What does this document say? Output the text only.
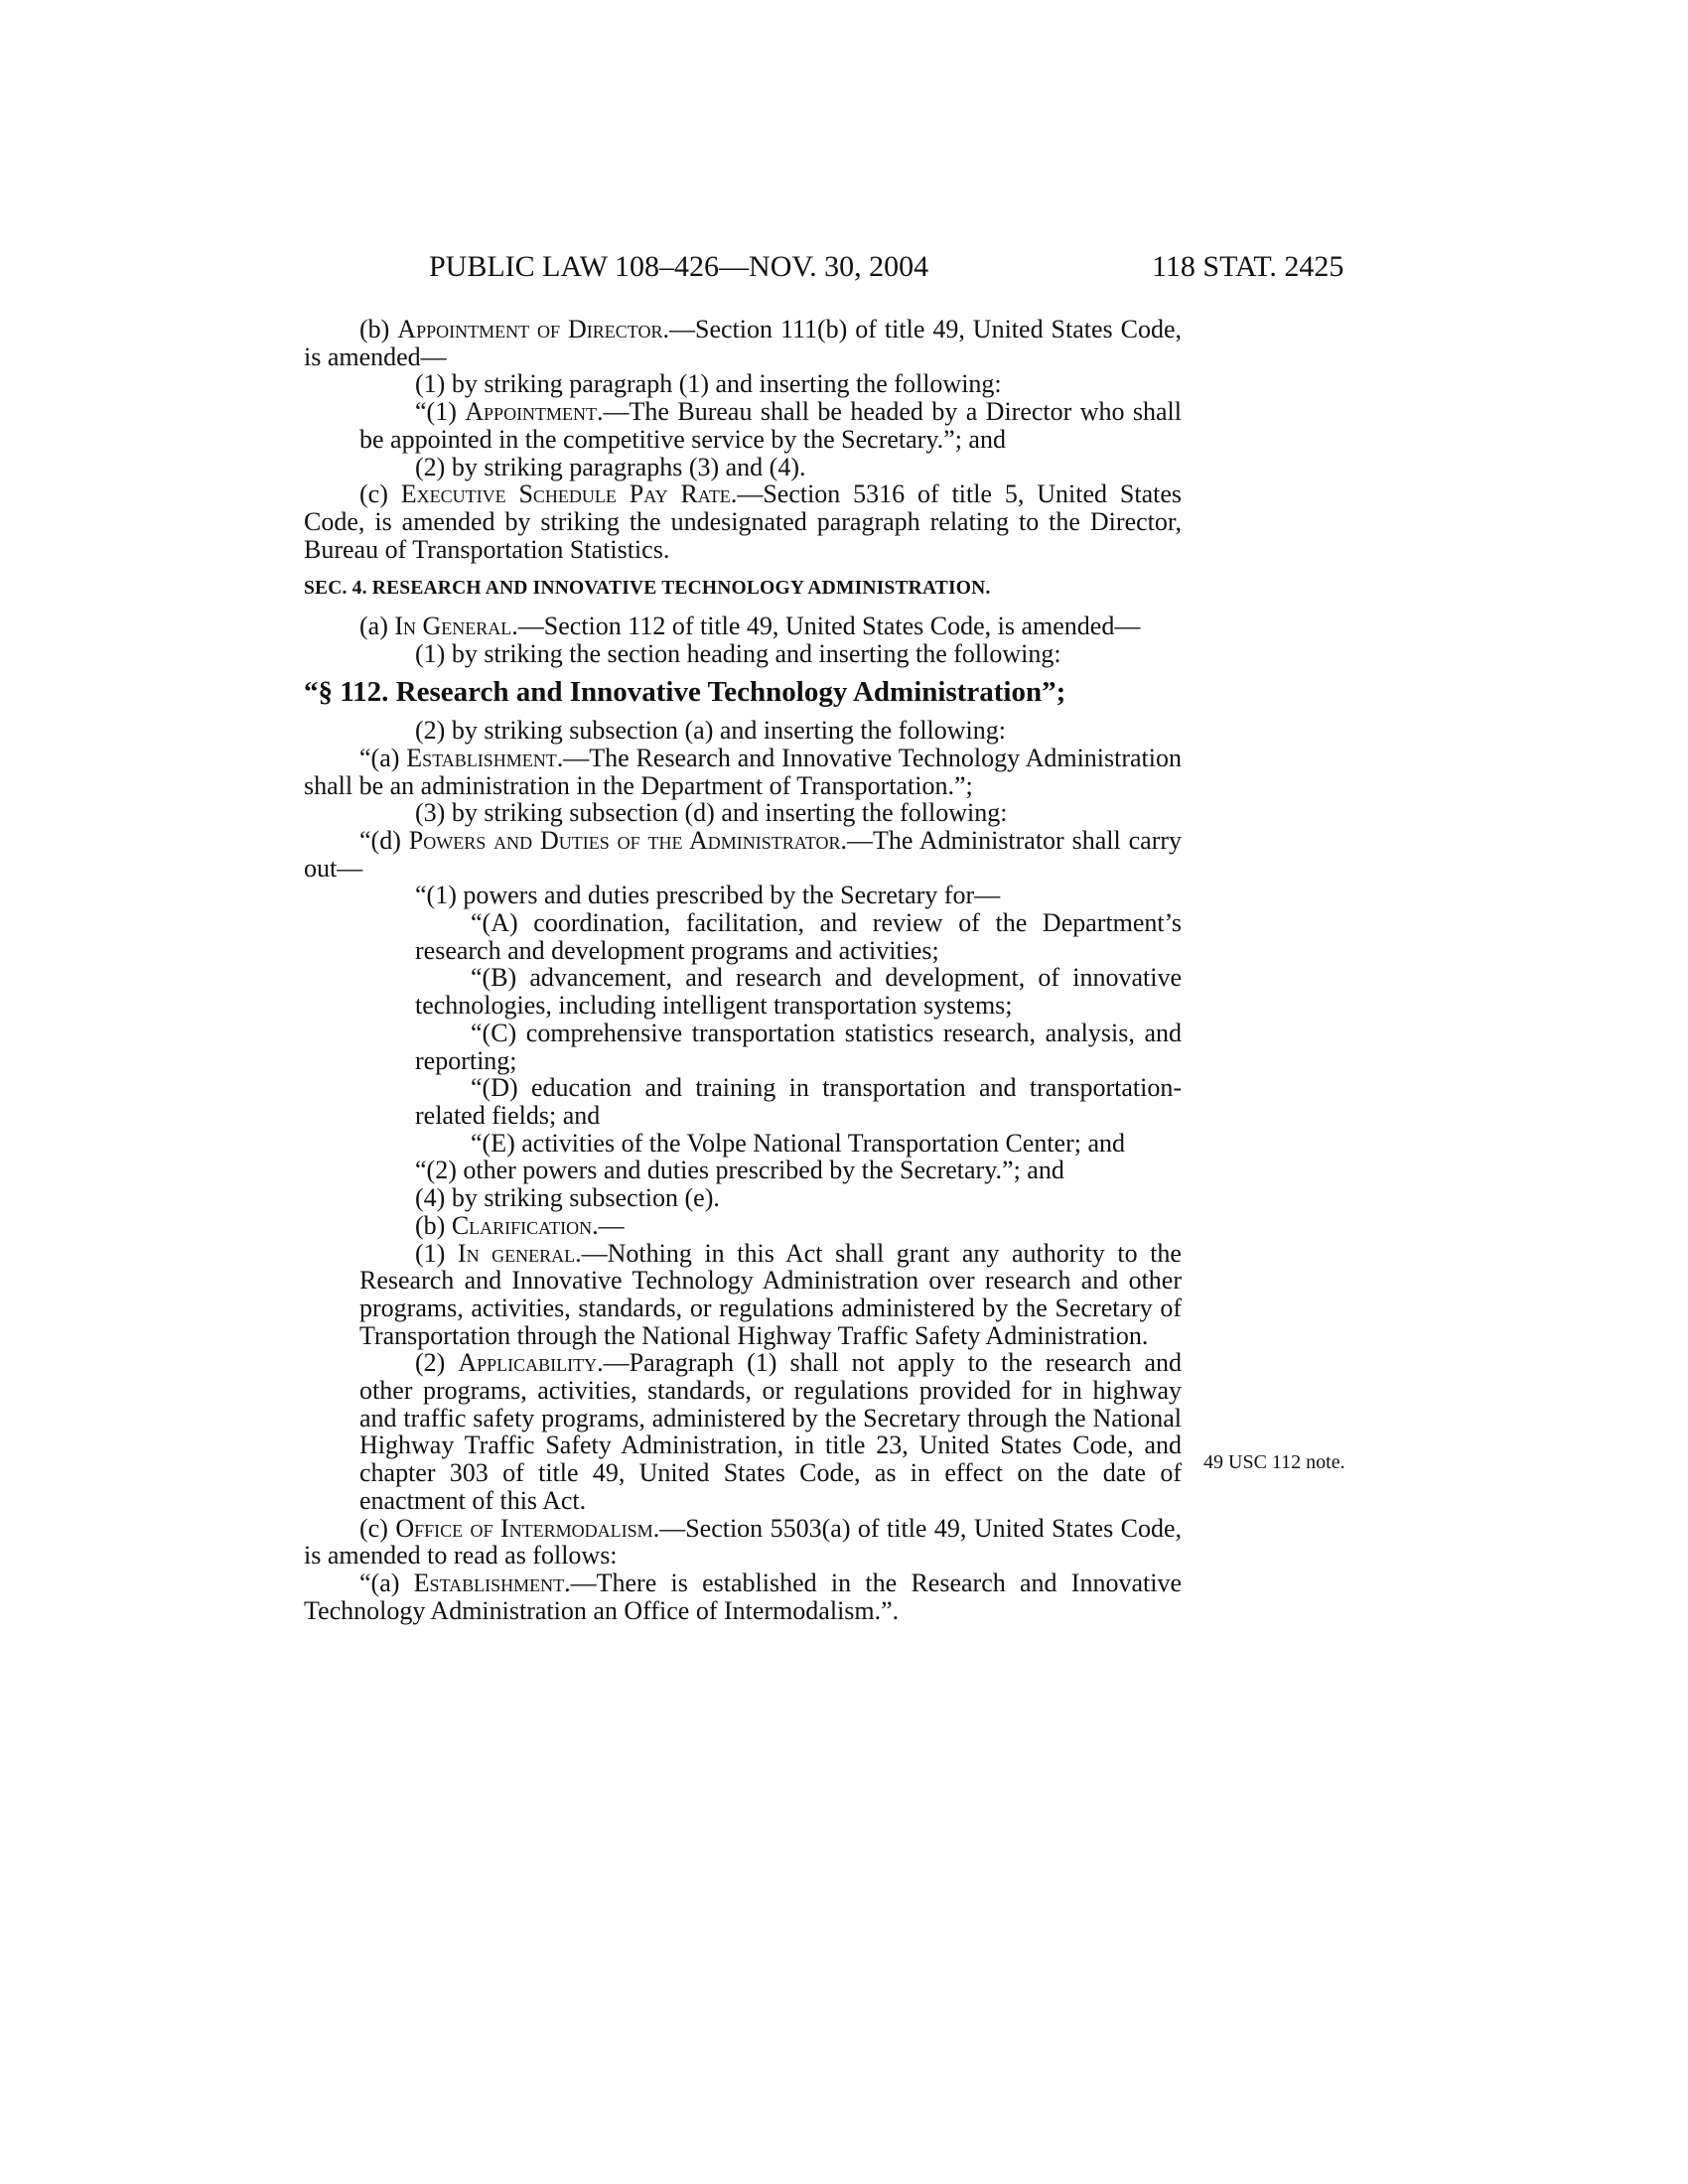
PUBLIC LAW 108–426—NOV. 30, 2004	118 STAT. 2425

(b) Appointment of Director.—Section 111(b) of title 49, United States Code, is amended—

(1) by striking paragraph (1) and inserting the following:

“(1) Appointment.—The Bureau shall be headed by a Director who shall be appointed in the competitive service by the Secretary.”; and

(2) by striking paragraphs (3) and (4).

(c) Executive Schedule Pay Rate.—Section 5316 of title 5, United States Code, is amended by striking the undesignated paragraph relating to the Director, Bureau of Transportation Statistics.

SEC. 4. RESEARCH AND INNOVATIVE TECHNOLOGY ADMINISTRATION.

(a) In General.—Section 112 of title 49, United States Code, is amended—

(1) by striking the section heading and inserting the following:

“§ 112. Research and Innovative Technology Administration”;

(2) by striking subsection (a) and inserting the following:

“(a) Establishment.—The Research and Innovative Technology Administration shall be an administration in the Department of Transportation.”;

(3) by striking subsection (d) and inserting the following:

“(d) Powers and Duties of the Administrator.—The Administrator shall carry out—

“(1) powers and duties prescribed by the Secretary for—

“(A) coordination, facilitation, and review of the Department’s research and development programs and activities;

“(B) advancement, and research and development, of innovative technologies, including intelligent transportation systems;

“(C) comprehensive transportation statistics research, analysis, and reporting;

“(D) education and training in transportation and transportation-related fields; and

“(E) activities of the Volpe National Transportation Center; and

“(2) other powers and duties prescribed by the Secretary.”; and

(4) by striking subsection (e).

(b) Clarification.—

(1) In general.—Nothing in this Act shall grant any authority to the Research and Innovative Technology Administration over research and other programs, activities, standards, or regulations administered by the Secretary of Transportation through the National Highway Traffic Safety Administration.

(2) Applicability.—Paragraph (1) shall not apply to the research and other programs, activities, standards, or regulations provided for in highway and traffic safety programs, administered by the Secretary through the National Highway Traffic Safety Administration, in title 23, United States Code, and chapter 303 of title 49, United States Code, as in effect on the date of enactment of this Act.

(c) Office of Intermodalism.—Section 5503(a) of title 49, United States Code, is amended to read as follows:

“(a) Establishment.—There is established in the Research and Innovative Technology Administration an Office of Intermodalism.”.

49 USC 112 note.
